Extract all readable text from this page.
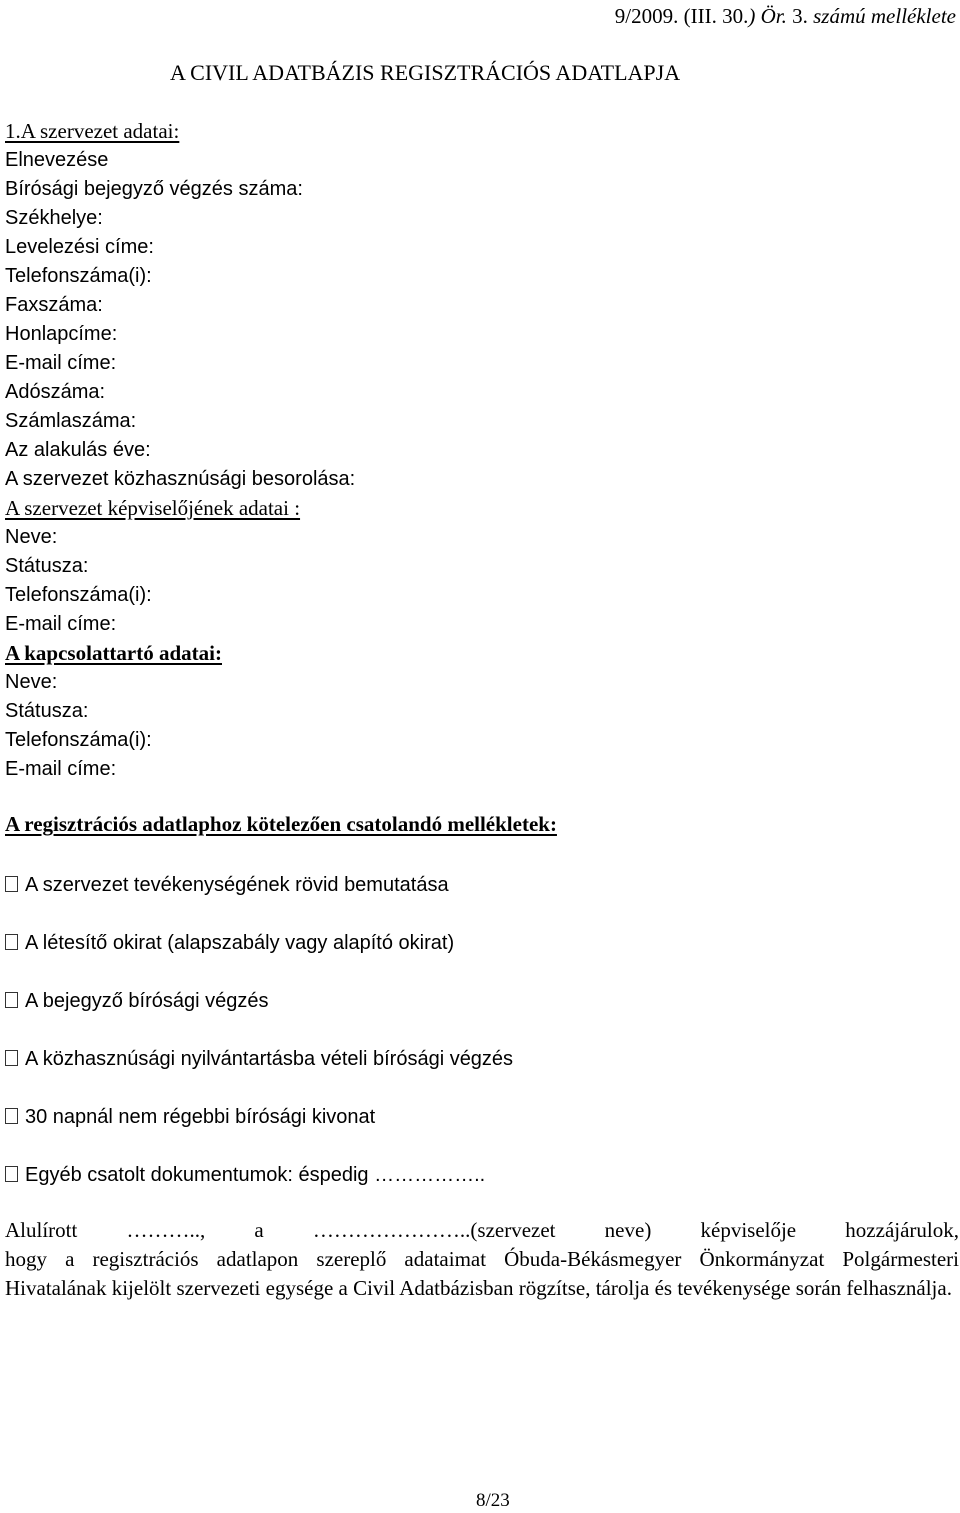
9/2009. (III. 30.) Ör. 3. számú melléklete
A CIVIL ADATBÁZIS REGISZTRÁCIÓS ADATLAPJA
1.A szervezet adatai:
Elnevezése
Bírósági bejegyző végzés száma:
Székhelye:
Levelezési címe:
Telefonszáma(i):
Faxszáma:
Honlapcíme:
E-mail címe:
Adószáma:
Számlaszáma:
Az alakulás éve:
A szervezet közhasznúsági besorolása:
A szervezet képviselőjének adatai :
Neve:
Státusza:
Telefonszáma(i):
E-mail címe:
A kapcsolattartó adatai:
Neve:
Státusza:
Telefonszáma(i):
E-mail címe:
A regisztrációs adatlaphoz kötelezően csatolandó mellékletek:
A szervezet tevékenységének rövid bemutatása
A létesítő okirat (alapszabály vagy alapító okirat)
A bejegyző bírósági végzés
A közhasznúsági nyilvántartásba vételi bírósági végzés
30 napnál nem régebbi bírósági kivonat
Egyéb csatolt dokumentumok: éspedig ……………..

Alulírott ……….., a …………………..(szervezet neve) képviselője hozzájárulok,

hogy a regisztrációs adatlapon szereplő adataimat Óbuda-Békásmegyer Önkormányzat Polgármesteri Hivatalának kijelölt szervezeti egysége a Civil Adatbázisban rögzítse, tárolja és tevékenysége során felhasználja.

8/23
